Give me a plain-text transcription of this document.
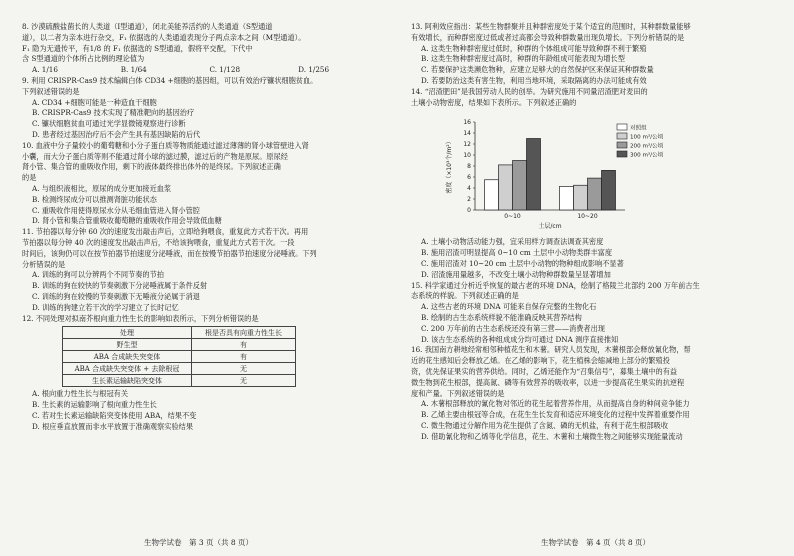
8. 沙漠硫酸盐菌长的人类道（Ⅰ型通道），闭北美能养活约的人类通道（S型通道
道），以二者为亲本进行杂交，F₁ 依据选的人类通道表现分子两点亲本之间（M型通道）。
F₁ 隐为无遗传平，有1/8 的 F₁ 依据选的 S型通道，假将平交配，下代中
含 S型通道的个体所占比例的理论值为
A. 1/16	B. 1/64	C. 1/128	D. 1/256
9. 利用 CRISPR-Cas9 技术编辑白体 CD34 +细胞的基因组，可以有效治疗镰状细胞贫血。
下列叙述错误的是
A. CD34 +细胞可能是一种造血干细胞
B. CRISPR-Cas9 技术实现了精准靶向的基因治疗
C. 镰状细胞贫血可通过光学显微镜观察进行诊断
D. 患者经过基因治疗后不会产生具有基因缺陷的后代
10. 血液中分子量较小的葡萄糖和小分子蛋白质等物质能通过滤过薄薄的肾小球管壁进入肾
小囊，而大分子蛋白质等则不能通过肾小球的滤过膜，滤过后的产物是原尿。原尿经
肾小管、集合管的重吸收作用，剩下的液体最终排出体外的是终尿。下列叙述正确
的是
A. 与组织液相比，原尿的成分更加接近血浆
B. 检测终尿成分可以推测肾脏功能状态
C. 重吸收作用使得原尿水分从毛细血管进入肾小管腔
D. 肾小管和集合管重吸收葡萄糖的重吸收作用会导致低血糖
11. 节拍器以每分钟 60 次的速度发出敲击声后，立即给狗喂食，重复此方式若干次。再用
节拍器以每分钟 40 次的速度发出敲击声后，不给该狗喂食，重复此方式若干次。一段
时间后，该狗仍可以在按节拍器节拍速度分泌唾液，而在按慢节拍器节拍速度分泌唾液。下列
分析错误的是
A. 训练的狗可以分辨两个不同节奏的节拍
B. 训练的狗在较快的节奏刺激下分泌唾液属于条件反射
C. 训练的狗在较慢的节奏刺激下无唾液分泌属于消退
D. 训练的狗建立若干次的学习建立了长时记忆
12. 不同处理对拟南芥根向重力性生长的影响如表所示，下列分析错误的是
处理	根是否具有向重力性生长
野生型	有
ABA 合成缺失突变体	有
ABA 合成缺失突变体 + 去除根冠	无
生长素运输缺陷突变体	无
A. 根向重力性生长与根冠有关
B. 生长素的运输影响了根向重力性生长
C. 若对生长素运输缺陷突变体使用 ABA，结果不变
D. 根应垂直放置而非水平放置于准确观察实验结果
生物学试卷　第 3 页（共 8 页）
13. 阿利效应指出：某些生物群聚并且种群密度处于某个适宜的范围时，其种群数量能够
有效增长，而种群密度过低或者过高都会导致种群数量出现负增长。下列分析错误的是
A. 这类生物种群密度过低时，种群的个体组成可能导致种群不利于繁殖
B. 这类生物种群密度过高时，种群的年龄组成可能表现为增长型
C. 若要保护这类濒危物种，应建立足够大的自然保护区来保证其种群数量
D. 若要防治这类有害生物，利用当地环境，采取隔离的办法可能成有效
14. “沼渣肥田”是我国劳动人民的创举。为研究施用不同量沼渣肥对麦田的
土壤小动物密度，结果如下表所示。下列叙述正确的
0
2
4
6
8
10
12
14
16
密度（×10³个/m²）
0~10	10~20
土层/cm
对照组
100 m³/公顷
200 m³/公顷
300 m³/公顷
A. 土壤小动物活动能力强，宜采用样方调查法调查其密度
B. 施用沼渣可明显提高 0~10 cm 土层中小动物类群丰富度
C. 施用沼渣对 10~20 cm 土层中小动物的物种组成影响不显著
D. 沼渣施用量越多，不改变土壤小动物种群数量呈显著增加
15. 科学家通过分析近乎恢复的最古老的环境 DNA，绘制了格陵兰北部约 200 万年前古生
态系统的样貌。下列叙述正确的是
A. 这些古老的环境 DNA 可能来自保存完整的生物化石
B. 绘制的古生态系统样貌不能准确反映其营养结构
C. 200 万年前的古生态系统还没有第三营——消费者出现
D. 该古生态系统的各种组成成分均可通过 DNA 测序直接推知
16. 我国南方耕地经常相邻种植花生和木薯。研究人员发现，木薯根部会释放氰化物，帮
近的花生感知后会释放乙烯。在乙烯的影响下，花生植株会缩减地上部分的繁殖投
资，优先保证果实的营养供给。同时，乙烯还能作为“召集信号”，募集土壤中的有益
微生物到花生根部，提高氮、磷等有效营养的吸收率，以进一步提高花生果实的抗逆程
度和产量。下列叙述错误的是
A. 木薯根部释放的氰化物对邻近的花生起着营养作用，从而提高自身的种间竞争能力
B. 乙烯主要由根冠等合成，在花生生长发育和适应环境变化的过程中发挥着重要作用
C. 微生物通过分解作用为花生提供了含氮、磷的无机盐，有利于花生根部吸收
D. 借助氰化物和乙烯等化学信息，花生、木薯和土壤微生物之间能够实现能量流动
生物学试卷　第 4 页（共 8 页）
